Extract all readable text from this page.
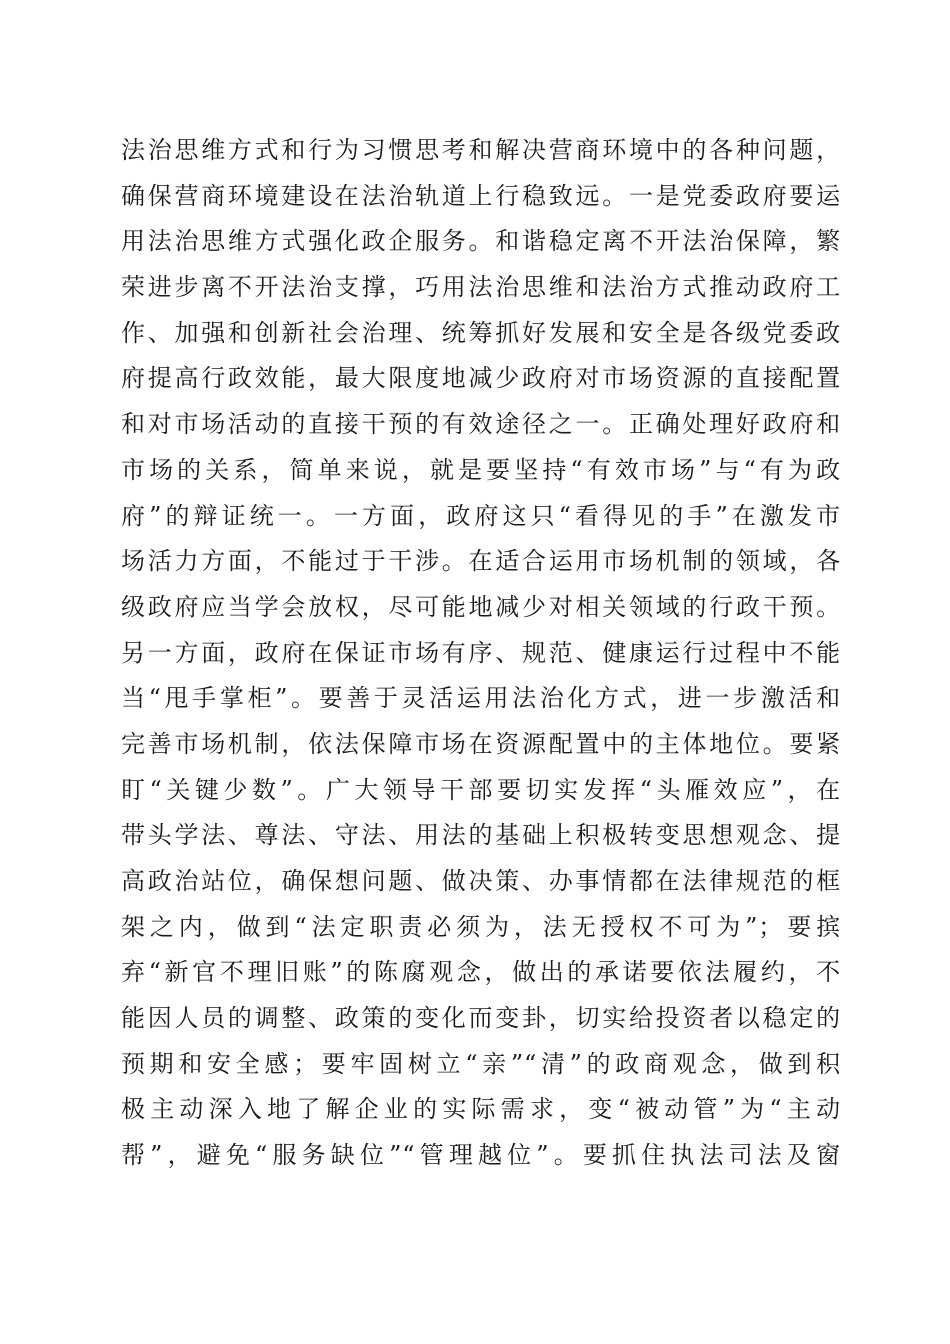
法治思维方式和行为习惯思考和解决营商环境中的各种问题，
确保营商环境建设在法治轨道上行稳致远。一是党委政府要运
用法治思维方式强化政企服务。和谐稳定离不开法治保障，繁
荣进步离不开法治支撑，巧用法治思维和法治方式推动政府工
作、加强和创新社会治理、统筹抓好发展和安全是各级党委政
府提高行政效能，最大限度地减少政府对市场资源的直接配置
和对市场活动的直接干预的有效途径之一。正确处理好政府和
市场的关系，简单来说，就是要坚持“有效市场”与“有为政
府”的辩证统一。一方面，政府这只“看得见的手”在激发市
场活力方面，不能过于干涉。在适合运用市场机制的领域，各
级政府应当学会放权，尽可能地减少对相关领域的行政干预。
另一方面，政府在保证市场有序、规范、健康运行过程中不能
当“甩手掌柜”。要善于灵活运用法治化方式，进一步激活和
完善市场机制，依法保障市场在资源配置中的主体地位。要紧
盯“关键少数”。广大领导干部要切实发挥“头雁效应”，在
带头学法、尊法、守法、用法的基础上积极转变思想观念、提
高政治站位，确保想问题、做决策、办事情都在法律规范的框
架之内，做到“法定职责必须为，法无授权不可为”；要摈
弃“新官不理旧账”的陈腐观念，做出的承诺要依法履约，不
能因人员的调整、政策的变化而变卦，切实给投资者以稳定的
预期和安全感；要牢固树立“亲”“清”的政商观念，做到积
极主动深入地了解企业的实际需求，变“被动管”为“主动
帮”，避免“服务缺位”“管理越位”。要抓住执法司法及窗
